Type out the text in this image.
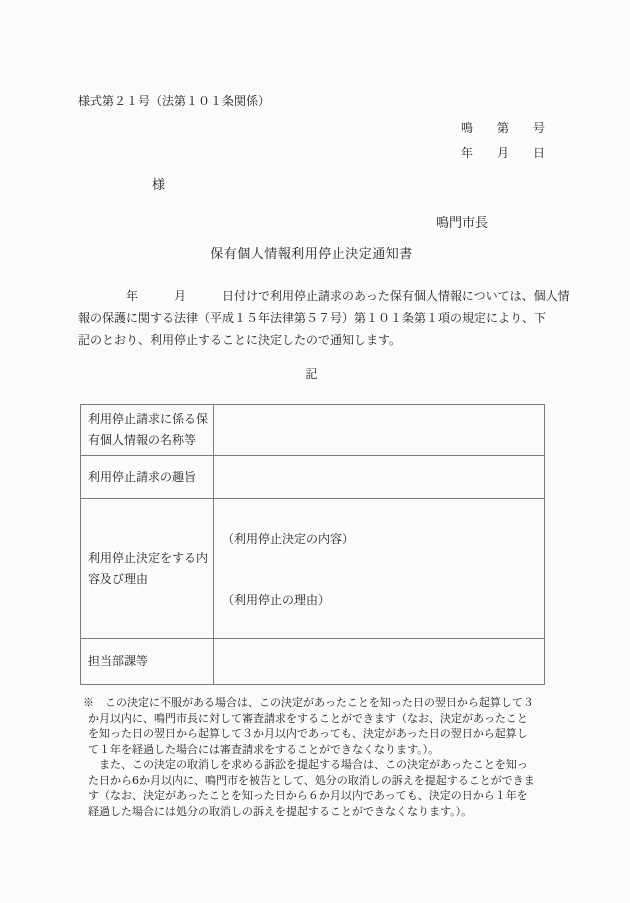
様式第２１号（法第１０１条関係）
鳴　　第　　号
年　　月　　日
様
鳴門市長
保有個人情報利用停止決定通知書
　　　　年　　　月　　　日付けで利用停止請求のあった保有個人情報については、個人情
報の保護に関する法律（平成１５年法律第５７号）第１０１条第１項の規定により、下
記のとおり、利用停止することに決定したので通知します。
記
利用停止請求に係る保有個人情報の名称等	
利用停止請求の趣旨	
利用停止決定をする内容及び理由	（利用停止決定の内容）
（利用停止の理由）

担当部課等	
※　この決定に不服がある場合は、この決定があったことを知った日の翌日から起算して３
か月以内に、鳴門市長に対して審査請求をすることができます（なお、決定があったこと
を知った日の翌日から起算して３か月以内であっても、決定があった日の翌日から起算し
て１年を経過した場合には審査請求をすることができなくなります。）。
　また、この決定の取消しを求める訴訟を提起する場合は、この決定があったことを知っ
た日から6か月以内に、鳴門市を被告として、処分の取消しの訴えを提起することができま
す（なお、決定があったことを知った日から６か月以内であっても、決定の日から１年を
経過した場合には処分の取消しの訴えを提起することができなくなります。）。
